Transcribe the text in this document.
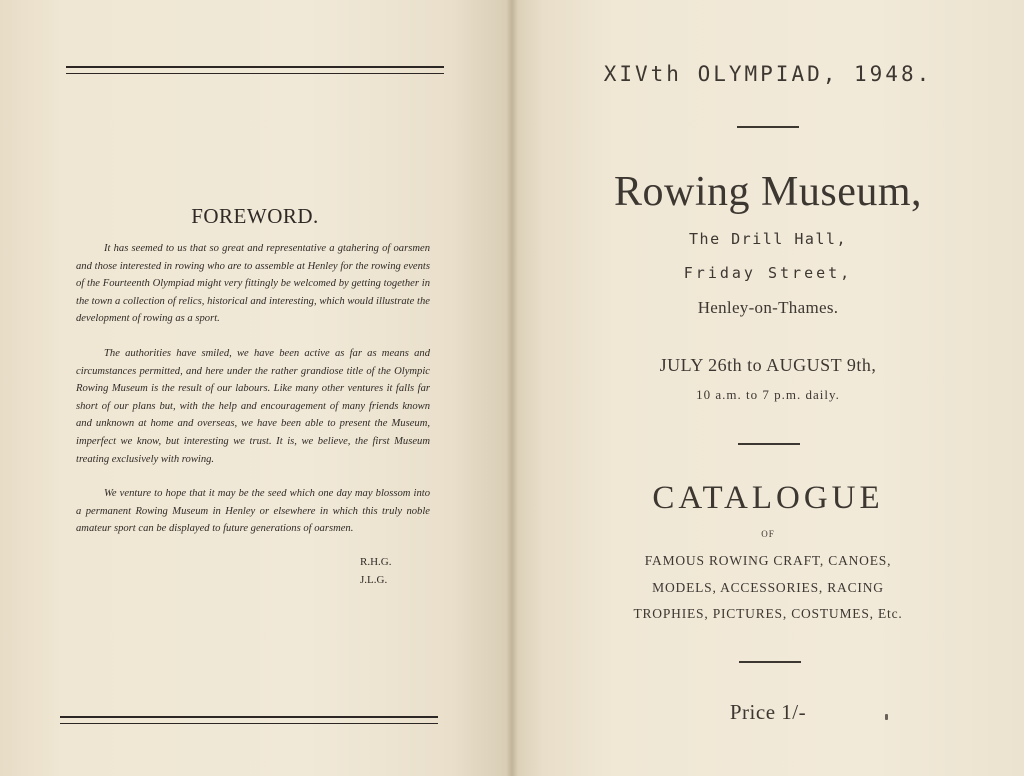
FOREWORD.

It has seemed to us that so great and representative a gtahering of oarsmen and those interested in rowing who are to assemble at Henley for the rowing events of the Fourteenth Olympiad might very fittingly be welcomed by getting together in the town a collection of relics, historical and interesting, which would illustrate the development of rowing as a sport.

The authorities have smiled, we have been active as far as means and circumstances permitted, and here under the rather grandiose title of the Olympic Rowing Museum is the result of our labours. Like many other ventures it falls far short of our plans but, with the help and encouragement of many friends known and unknown at home and overseas, we have been able to present the Museum, imperfect we know, but interesting we trust. It is, we believe, the first Museum treating exclusively with rowing.

We venture to hope that it may be the seed which one day may blossom into a permanent Rowing Museum in Henley or elsewhere in which this truly noble amateur sport can be displayed to future generations of oarsmen.

R.H.G.
J.L.G.
XIVth OLYMPIAD, 1948.
Rowing Museum,
The Drill Hall,
Friday Street,
Henley-on-Thames.
JULY 26th to AUGUST 9th,
10 a.m. to 7 p.m. daily.
CATALOGUE
OF
FAMOUS ROWING CRAFT, CANOES,
MODELS, ACCESSORIES, RACING
TROPHIES, PICTURES, COSTUMES, Etc.
Price 1/-
